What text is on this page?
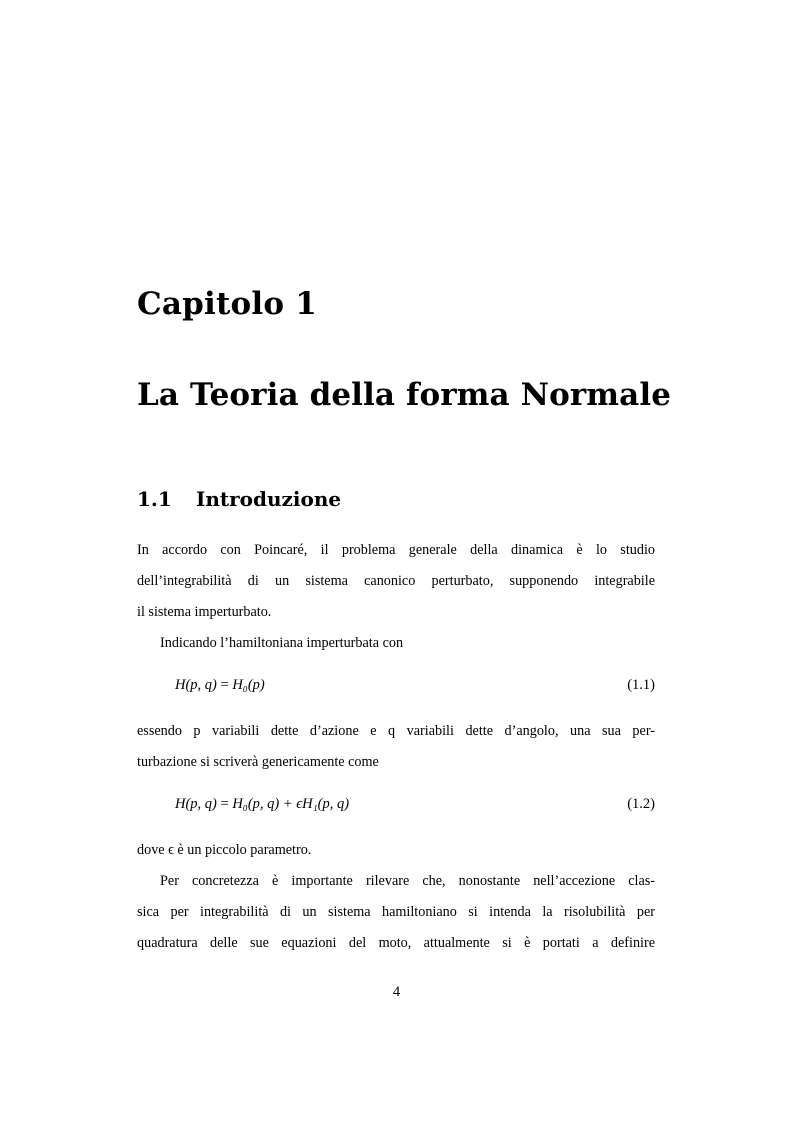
Capitolo 1
La Teoria della forma Normale
1.1 Introduzione
In accordo con Poincaré, il problema generale della dinamica è lo studio
dell’integrabilità di un sistema canonico perturbato, supponendo integrabile
il sistema imperturbato.
Indicando l’hamiltoniana imperturbata con
H(p, q) = H₀(p)	(1.1)
essendo p variabili dette d’azione e q variabili dette d’angolo, una sua per-
turbazione si scriverà genericamente come
H(p, q) = H₀(p, q) + ϵH₁(p, q)	(1.2)
dove ϵ è un piccolo parametro.
Per concretezza è importante rilevare che, nonostante nell’accezione clas-
sica per integrabilità di un sistema hamiltoniano si intenda la risolubilità per
quadratura delle sue equazioni del moto, attualmente si è portati a definire
4
